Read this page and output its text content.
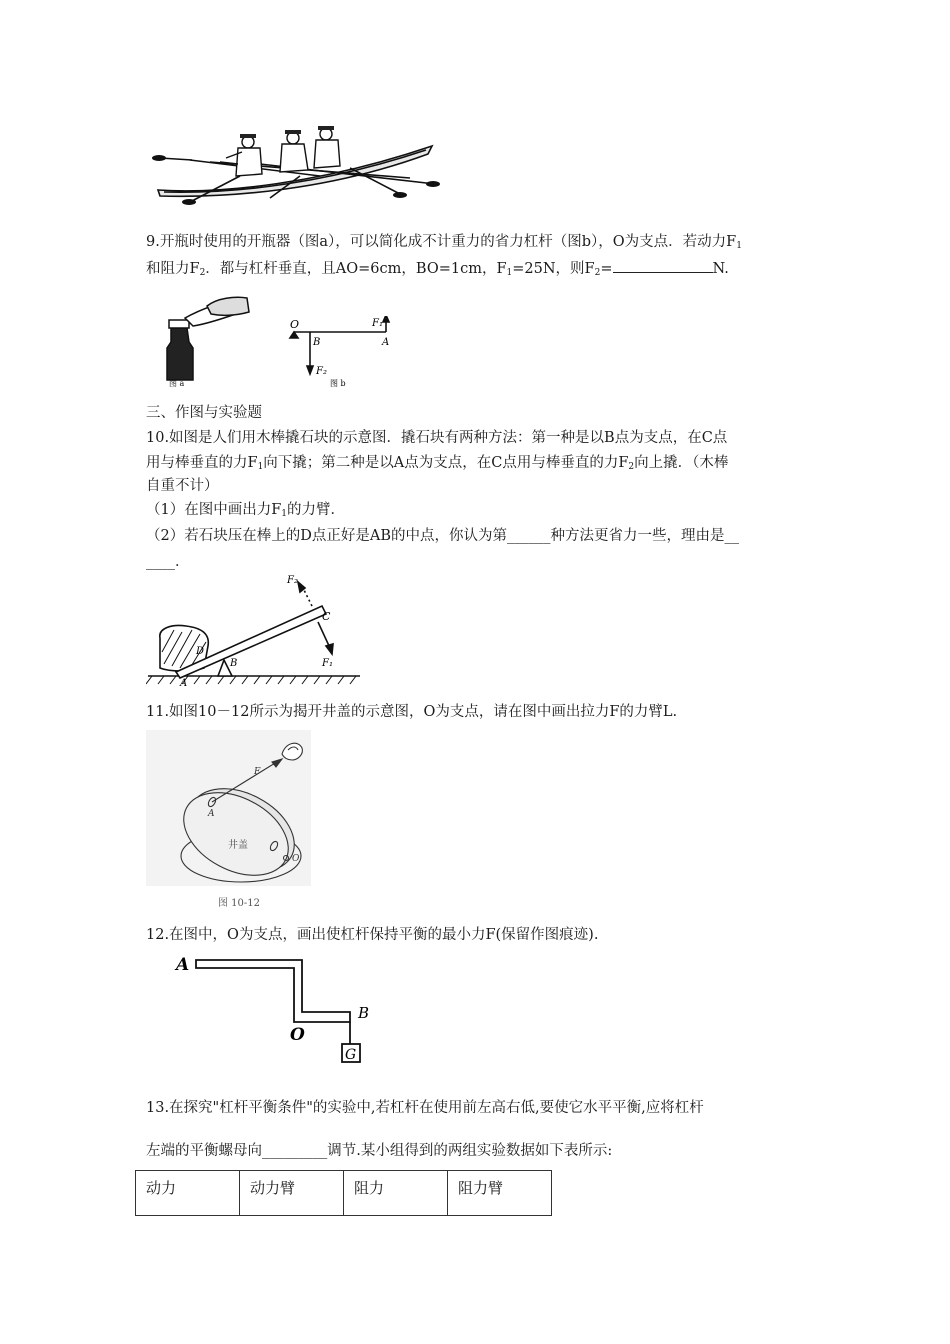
9.开瓶时使用的开瓶器（图a），可以简化成不计重力的省力杠杆（图b），O为支点．若动力$F_1$
和阻力$F_2$．都与杠杆垂直，且AO=6cm，BO=1cm，$F_1=25N$，则$F_2=$	N.
图 a
O
B	A
F₁
F₂
图 b
三、作图与实验题
10.如图是人们用木棒撬石块的示意图．撬石块有两种方法：第一种是以B点为支点，在C点
用与棒垂直的力$F_1$向下撬；第二种是以A点为支点，在C点用与棒垂直的力$F_2$向上撬．（木棒
自重不计）
（1）在图中画出力$F_1$的力臂．
（2）若石块压在棒上的D点正好是AB的中点，你认为第______种方法更省力一些，理由是__
____．
F₂
C
F₁
D
B
A
11.如图10－12所示为揭开井盖的示意图，O为支点，请在图中画出拉力F的力臂L.
F
A
井盖
O
图 10-12
12.在图中，O为支点，画出使杠杆保持平衡的最小力F(保留作图痕迹).
A
O
B
G
13.在探究"杠杆平衡条件"的实验中,若杠杆在使用前左高右低,要使它水平平衡,应将杠杆
左端的平衡螺母向_________调节.某小组得到的两组实验数据如下表所示:
动力	动力臂	阻力	阻力臂
